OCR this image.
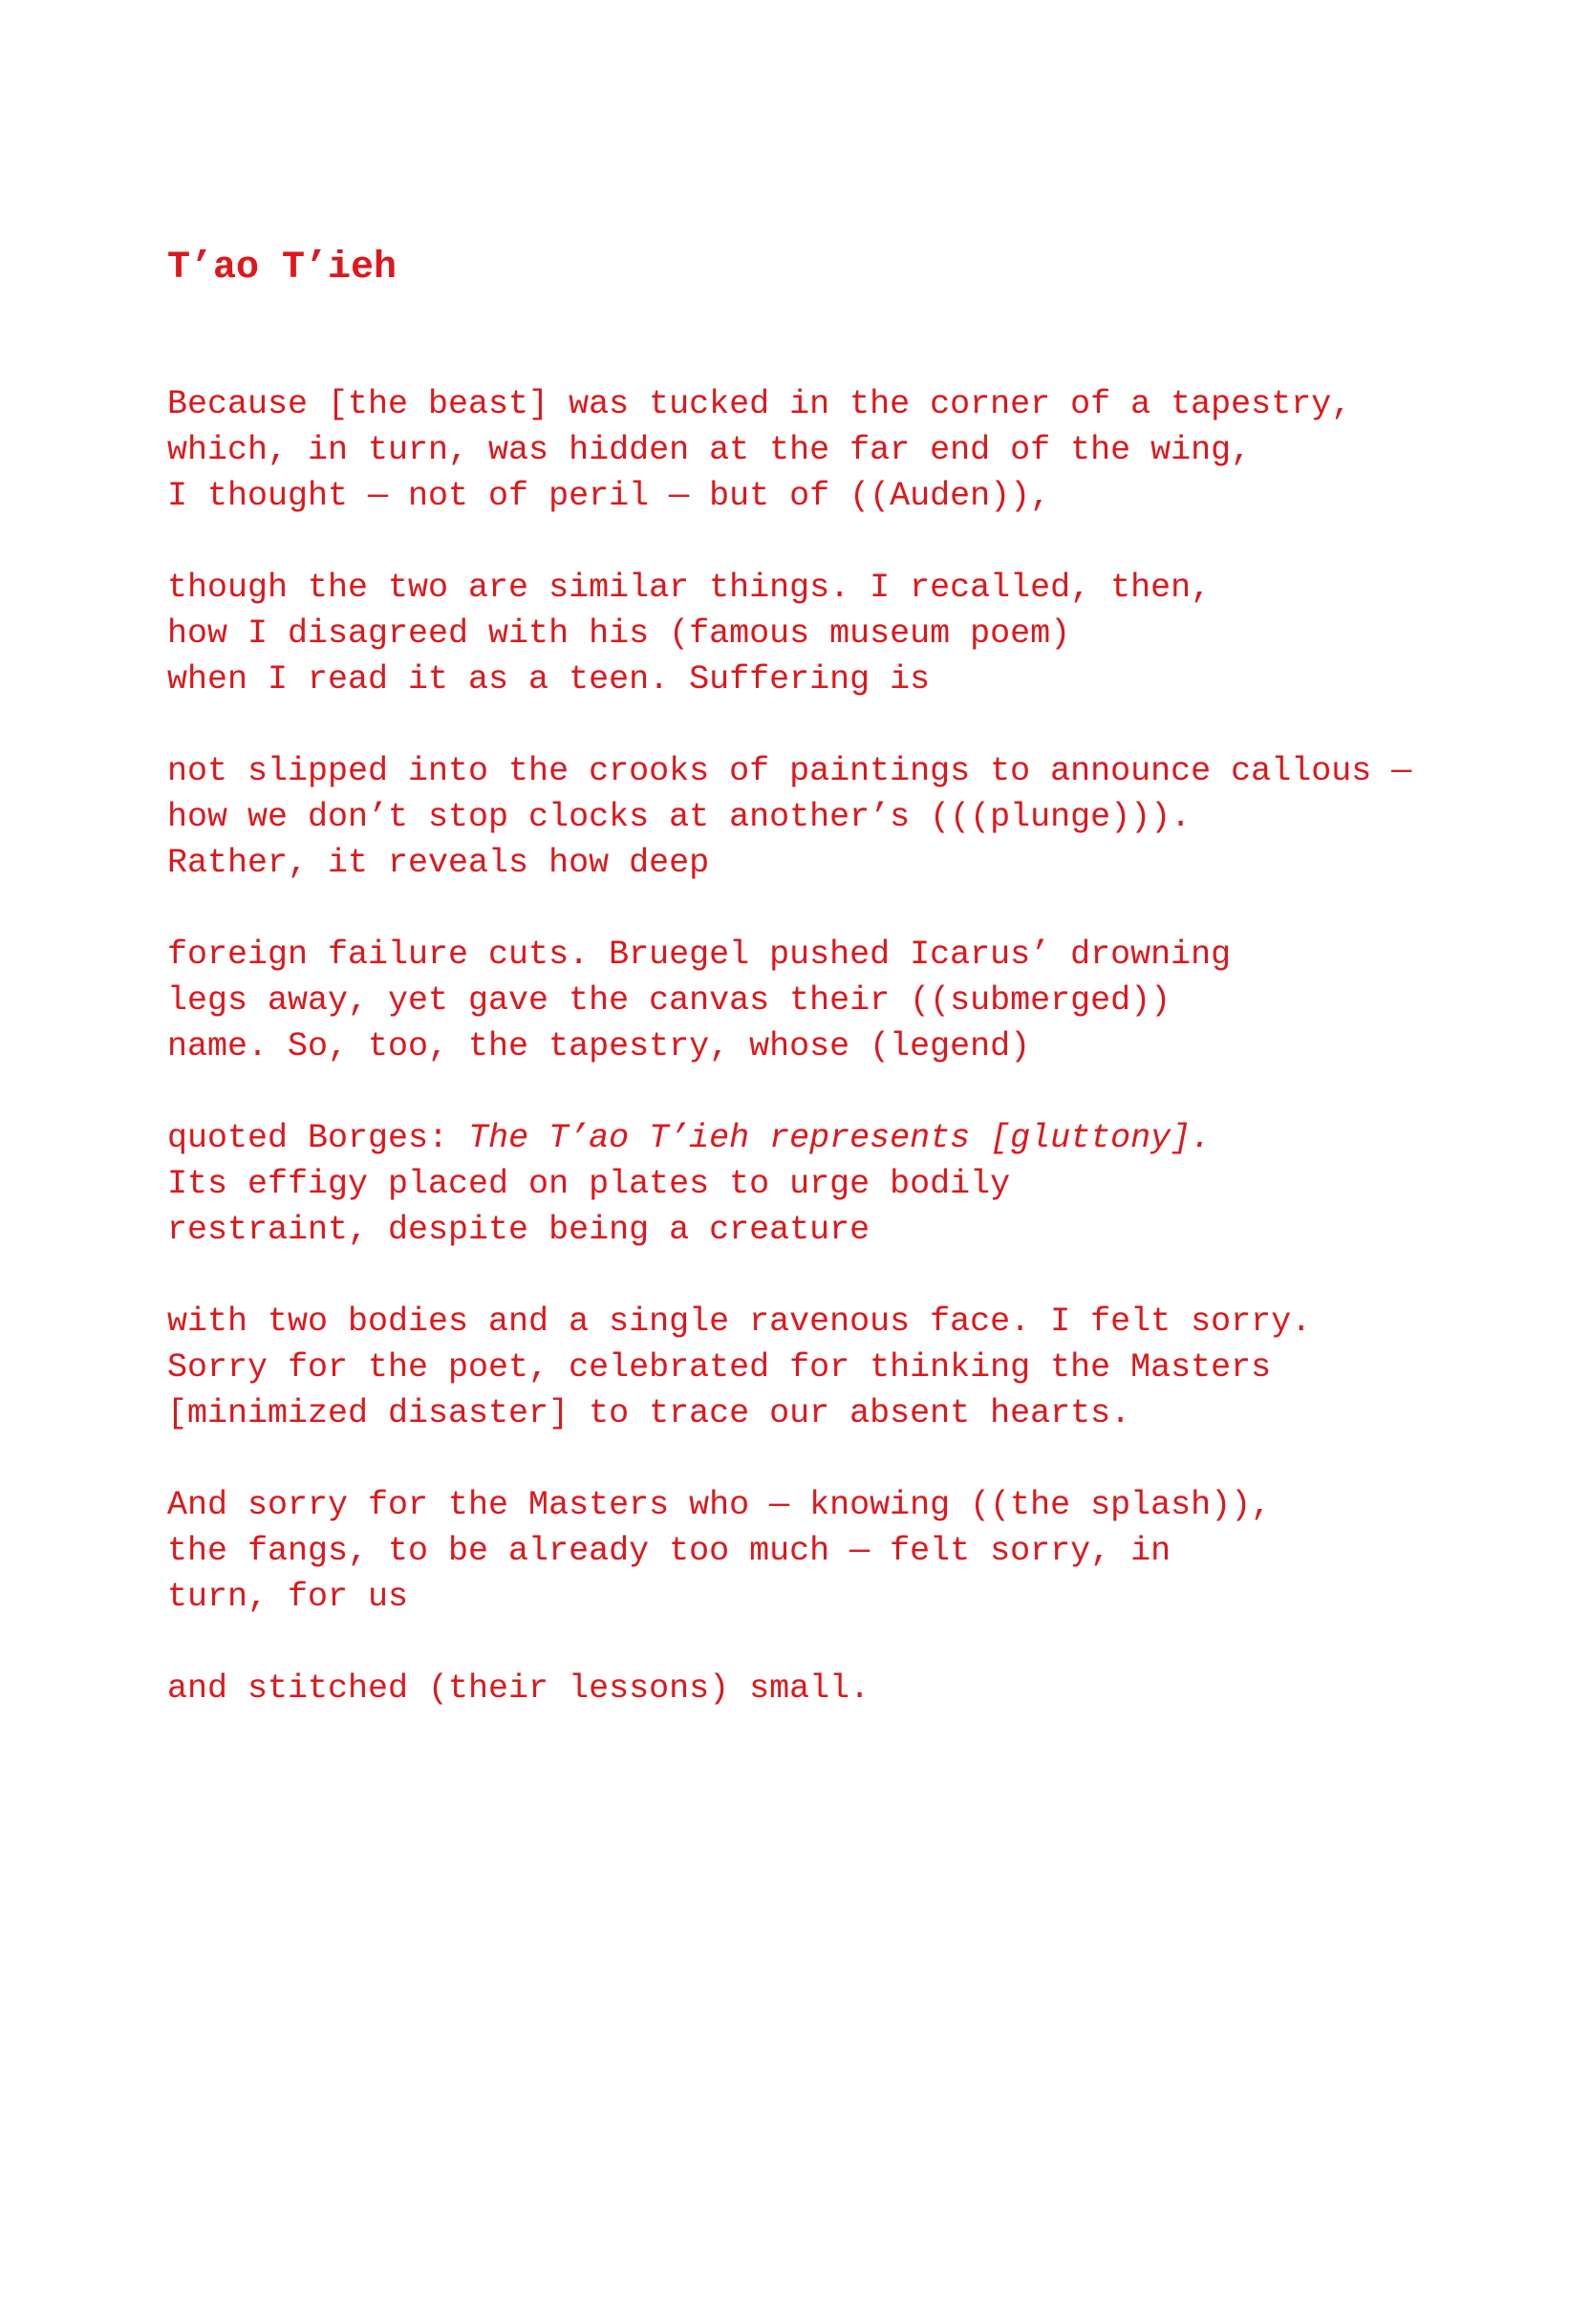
T’ao T’ieh
Because [the beast] was tucked in the corner of a tapestry,
which, in turn, was hidden at the far end of the wing,
I thought — not of peril — but of ((Auden)),
though the two are similar things. I recalled, then,
how I disagreed with his (famous museum poem)
when I read it as a teen. Suffering is
not slipped into the crooks of paintings to announce callous —
how we don’t stop clocks at another’s (((plunge))).
Rather, it reveals how deep
foreign failure cuts. Bruegel pushed Icarus’ drowning
legs away, yet gave the canvas their ((submerged))
name. So, too, the tapestry, whose (legend)
quoted Borges: The T’ao T’ieh represents [gluttony].
Its effigy placed on plates to urge bodily
restraint, despite being a creature
with two bodies and a single ravenous face. I felt sorry.
Sorry for the poet, celebrated for thinking the Masters
[minimized disaster] to trace our absent hearts.
And sorry for the Masters who — knowing ((the splash)),
the fangs, to be already too much — felt sorry, in
turn, for us
and stitched (their lessons) small.
